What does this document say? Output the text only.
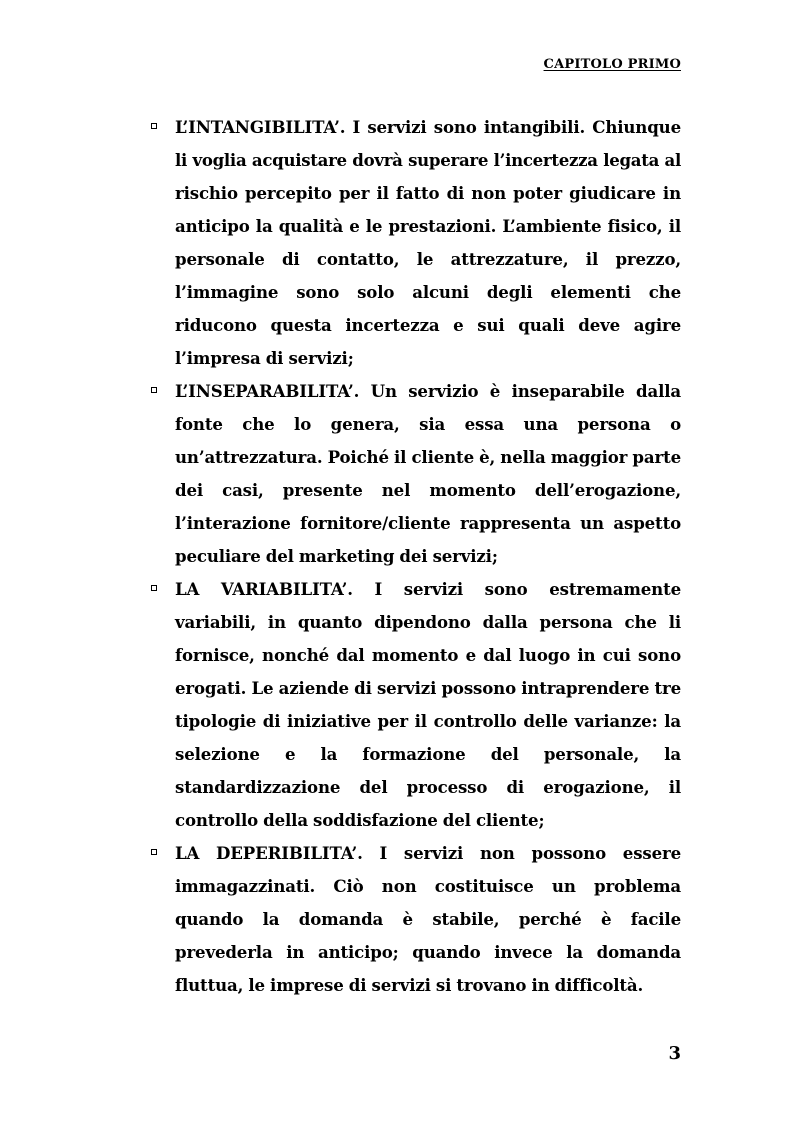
CAPITOLO PRIMO

L’INTANGIBILITA’. I servizi sono intangibili. Chiunque
li voglia acquistare dovrà superare l’incertezza legata al
rischio percepito per il fatto di non poter giudicare in
anticipo la qualità e le prestazioni. L’ambiente fisico, il
personale di contatto, le attrezzature, il prezzo,
l’immagine sono solo alcuni degli elementi che
riducono questa incertezza e sui quali deve agire
l’impresa di servizi;

L’INSEPARABILITA’. Un servizio è inseparabile dalla
fonte che lo genera, sia essa una persona o
un’attrezzatura. Poiché il cliente è, nella maggior parte
dei casi, presente nel momento dell’erogazione,
l’interazione fornitore/cliente rappresenta un aspetto
peculiare del marketing dei servizi;

LA VARIABILITA’. I servizi sono estremamente
variabili, in quanto dipendono dalla persona che li
fornisce, nonché dal momento e dal luogo in cui sono
erogati. Le aziende di servizi possono intraprendere tre
tipologie di iniziative per il controllo delle varianze: la
selezione e la formazione del personale, la
standardizzazione del processo di erogazione, il
controllo della soddisfazione del cliente;

LA DEPERIBILITA’. I servizi non possono essere
immagazzinati. Ciò non costituisce un problema
quando la domanda è stabile, perché è facile
prevederla in anticipo; quando invece la domanda
fluttua, le imprese di servizi si trovano in difficoltà.

3
